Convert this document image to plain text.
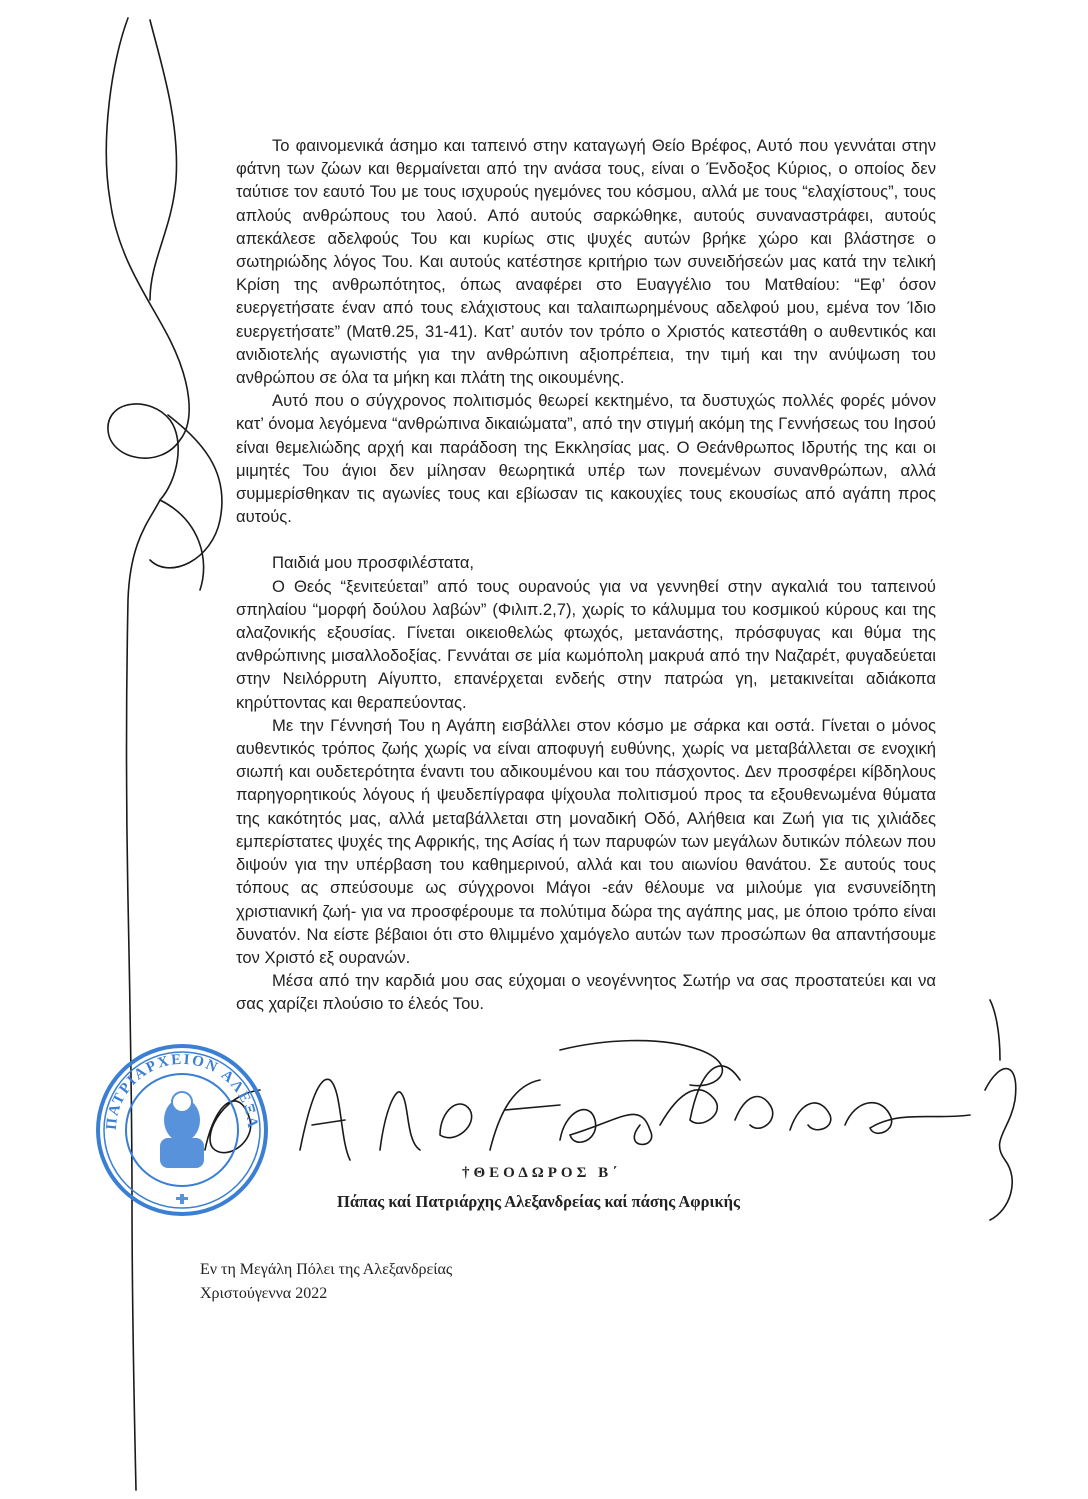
ΠΑΤΡΙΑΡΧΕΙΟΝ ΑΛΕΞΑ

Το φαινομενικά άσημο και ταπεινό στην καταγωγή Θείο Βρέφος, Αυτό που γεννάται στην φάτνη των ζώων και θερμαίνεται από την ανάσα τους, είναι ο Ένδοξος Κύριος, ο οποίος δεν ταύτισε τον εαυτό Του με τους ισχυρούς ηγεμόνες του κόσμου, αλλά με τους “ελαχίστους”, τους απλούς ανθρώπους του λαού. Από αυτούς σαρκώθηκε, αυτούς συναναστράφει, αυτούς απεκάλεσε αδελφούς Του και κυρίως στις ψυχές αυτών βρήκε χώρο και βλάστησε ο σωτηριώδης λόγος Του. Και αυτούς κατέστησε κριτήριο των συνειδήσεών μας κατά την τελική Κρίση της ανθρωπότητος, όπως αναφέρει στο Ευαγγέλιο του Ματθαίου: “Εφ’ όσον ευεργετήσατε έναν από τους ελάχιστους και ταλαιπωρημένους αδελφού μου, εμένα τον Ίδιο ευεργετήσατε” (Ματθ.25, 31-41). Κατ’ αυτόν τον τρόπο ο Χριστός κατεστάθη ο αυθεντικός και ανιδιοτελής αγωνιστής για την ανθρώπινη αξιοπρέπεια, την τιμή και την ανύψωση του ανθρώπου σε όλα τα μήκη και πλάτη της οικουμένης.

Αυτό που ο σύγχρονος πολιτισμός θεωρεί κεκτημένο, τα δυστυχώς πολλές φορές μόνον κατ’ όνομα λεγόμενα “ανθρώπινα δικαιώματα”, από την στιγμή ακόμη της Γεννήσεως του Ιησού είναι θεμελιώδης αρχή και παράδοση της Εκκλησίας μας. Ο Θεάνθρωπος Ιδρυτής της και οι μιμητές Του άγιοι δεν μίλησαν θεωρητικά υπέρ των πονεμένων συνανθρώπων, αλλά συμμερίσθηκαν τις αγωνίες τους και εβίωσαν τις κακουχίες τους εκουσίως από αγάπη προς αυτούς.

Παιδιά μου προσφιλέστατα,

Ο Θεός “ξενιτεύεται” από τους ουρανούς για να γεννηθεί στην αγκαλιά του ταπεινού σπηλαίου “μορφή δούλου λαβών” (Φιλιπ.2,7), χωρίς το κάλυμμα του κοσμικού κύρους και της αλαζονικής εξουσίας. Γίνεται οικειοθελώς φτωχός, μετανάστης, πρόσφυγας και θύμα της ανθρώπινης μισαλλοδοξίας. Γεννάται σε μία κωμόπολη μακρυά από την Ναζαρέτ, φυγαδεύεται στην Νειλόρρυτη Αίγυπτο, επανέρχεται ενδεής στην πατρώα γη, μετακινείται αδιάκοπα κηρύττοντας και θεραπεύοντας.

Με την Γέννησή Του η Αγάπη εισβάλλει στον κόσμο με σάρκα και οστά. Γίνεται ο μόνος αυθεντικός τρόπος ζωής χωρίς να είναι αποφυγή ευθύνης, χωρίς να μεταβάλλεται σε ενοχική σιωπή και ουδετερότητα έναντι του αδικουμένου και του πάσχοντος. Δεν προσφέρει κίβδηλους παρηγορητικούς λόγους ή ψευδεπίγραφα ψίχουλα πολιτισμού προς τα εξουθενωμένα θύματα της κακότητός μας, αλλά μεταβάλλεται στη μοναδική Οδό, Αλήθεια και Ζωή για τις χιλιάδες εμπερίστατες ψυχές της Αφρικής, της Ασίας ή των παρυφών των μεγάλων δυτικών πόλεων που διψούν για την υπέρβαση του καθημερινού, αλλά και του αιωνίου θανάτου. Σε αυτούς τους τόπους ας σπεύσουμε ως σύγχρονοι Μάγοι -εάν θέλουμε να μιλούμε για ενσυνείδητη χριστιανική ζωή- για να προσφέρουμε τα πολύτιμα δώρα της αγάπης μας, με όποιο τρόπο είναι δυνατόν. Να είστε βέβαιοι ότι στο θλιμμένο χαμόγελο αυτών των προσώπων θα απαντήσουμε τον Χριστό εξ ουρανών.

Μέσα από την καρδιά μου σας εύχομαι ο νεογέννητος Σωτήρ να σας προστατεύει και να σας χαρίζει πλούσιο το έλεός Του.

†ΘΕΟΔΩΡΟΣ Β΄
Πάπας καί Πατριάρχης Αλεξανδρείας καί πάσης Αφρικής
Εν τη Μεγάλη Πόλει της Αλεξανδρείας
Χριστούγεννα 2022
